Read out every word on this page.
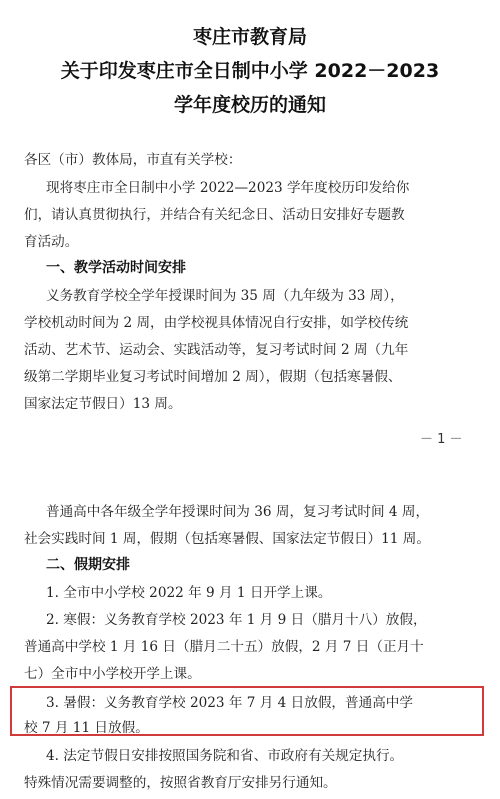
枣庄市教育局
关于印发枣庄市全日制中小学 2022－2023
学年度校历的通知
各区（市）教体局，市直有关学校：
现将枣庄市全日制中小学 2022—2023 学年度校历印发给你
们，请认真贯彻执行，并结合有关纪念日、活动日安排好专题教
育活动。
一、教学活动时间安排
义务教育学校全学年授课时间为 35 周（九年级为 33 周），
学校机动时间为 2 周，由学校视具体情况自行安排，如学校传统
活动、艺术节、运动会、实践活动等，复习考试时间 2 周（九年
级第二学期毕业复习考试时间增加 2 周），假期（包括寒暑假、
国家法定节假日）13 周。
－ 1 －
普通高中各年级全学年授课时间为 36 周，复习考试时间 4 周，
社会实践时间 1 周，假期（包括寒暑假、国家法定节假日）11 周。
二、假期安排
1. 全市中小学校 2022 年 9 月 1 日开学上课。
2. 寒假：义务教育学校 2023 年 1 月 9 日（腊月十八）放假，
普通高中学校 1 月 16 日（腊月二十五）放假，2 月 7 日（正月十
七）全市中小学校开学上课。
3. 暑假：义务教育学校 2023 年 7 月 4 日放假，普通高中学
校 7 月 11 日放假。
4. 法定节假日安排按照国务院和省、市政府有关规定执行。
特殊情况需要调整的，按照省教育厅安排另行通知。
